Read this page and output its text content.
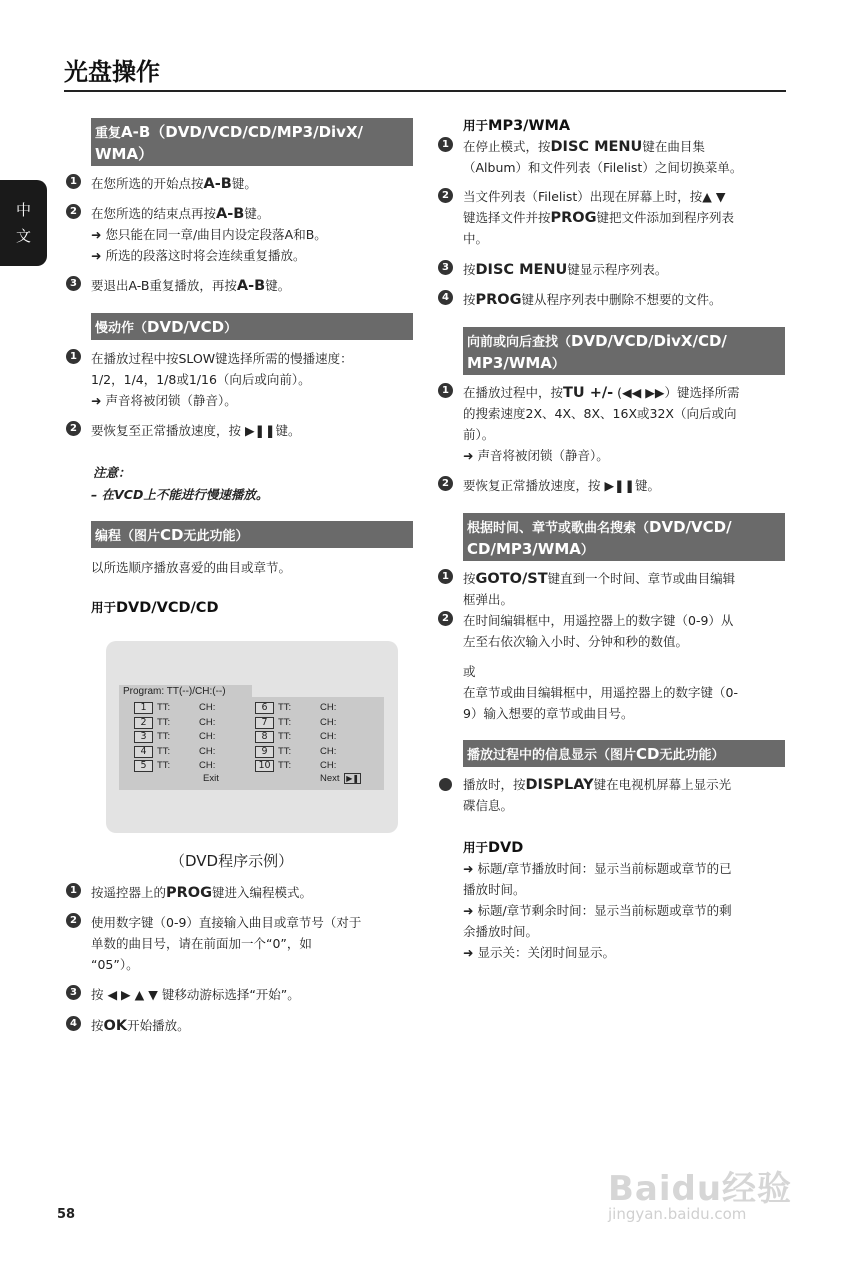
光盘操作
中
文
重复A-B（DVD/VCD/CD/MP3/DivX/
WMA）
1	在您所选的开始点按A-B键。
2	在您所选的结束点再按A-B键。
➜ 您只能在同一章/曲目内设定段落A和B。
➜ 所选的段落这时将会连续重复播放。
3	要退出A-B重复播放，再按A-B键。
慢动作（DVD/VCD）
1	在播放过程中按SLOW键选择所需的慢播速度：
1/2，1/4，1/8或1/16（向后或向前）。
➜ 声音将被闭锁（静音）。
2	要恢复至正常播放速度，按 ▶❚❚键。
注意：
– 在VCD上不能进行慢速播放。
编程（图片CD无此功能）
以所选顺序播放喜爱的曲目或章节。
用于DVD/VCD/CD
Program: TT(--)/CH:(--)
1	TT:	CH:	6	TT:	CH:
2	TT:	CH:	7	TT:	CH:
3	TT:	CH:	8	TT:	CH:
4	TT:	CH:	9	TT:	CH:
5	TT:	CH:	10 TT:	CH:
Exit	Next ▶❚
（DVD程序示例）
1	按遥控器上的PROG键进入编程模式。
2	使用数字键（0-9）直接输入曲目或章节号（对于
单数的曲目号，请在前面加一个“0”，如
“05”）。
3	按 ◀ ▶ ▲ ▼ 键移动游标选择“开始”。
4	按OK开始播放。
用于MP3/WMA
1	在停止模式，按DISC MENU键在曲目集
（Album）和文件列表（Filelist）之间切换菜单。
2	当文件列表（Filelist）出现在屏幕上时，按▲ ▼
键选择文件并按PROG键把文件添加到程序列表
中。
3	按DISC MENU键显示程序列表。
4	按PROG键从程序列表中删除不想要的文件。
向前或向后查找（DVD/VCD/DivX/CD/
MP3/WMA）
1	在播放过程中，按TU +/- (◀◀ ▶▶）键选择所需
的搜索速度2X、4X、8X、16X或32X（向后或向
前）。
➜ 声音将被闭锁（静音）。
2	要恢复正常播放速度，按 ▶❚❚键。
根据时间、章节或歌曲名搜索（DVD/VCD/
CD/MP3/WMA）
1	按GOTO/ST键直到一个时间、章节或曲目编辑
框弹出。
2	在时间编辑框中，用遥控器上的数字键（0-9）从
左至右依次输入小时、分钟和秒的数值。
或
在章节或曲目编辑框中，用遥控器上的数字键（0-
9）输入想要的章节或曲目号。
播放过程中的信息显示（图片CD无此功能）
播放时，按DISPLAY键在电视机屏幕上显示光
碟信息。
用于DVD
➜ 标题/章节播放时间：显示当前标题或章节的已
播放时间。
➜ 标题/章节剩余时间：显示当前标题或章节的剩
余播放时间。
➜ 显示关：关闭时间显示。
Baidu经验
jingyan.baidu.com
58
